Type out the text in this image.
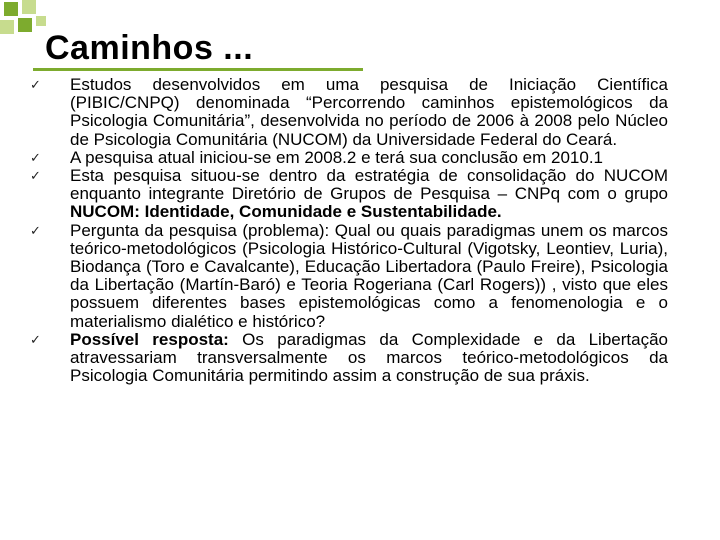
Caminhos ...
✓ Estudos desenvolvidos em uma pesquisa de Iniciação Científica (PIBIC/CNPQ) denominada “Percorrendo caminhos epistemológicos da Psicologia Comunitária”, desenvolvida no período de 2006 à 2008 pelo Núcleo de Psicologia Comunitária (NUCOM) da Universidade Federal do Ceará.
✓ A pesquisa atual iniciou-se em 2008.2 e terá sua conclusão em 2010.1
✓ Esta pesquisa situou-se dentro da estratégia de consolidação do NUCOM enquanto integrante Diretório de Grupos de Pesquisa – CNPq com o grupo NUCOM: Identidade, Comunidade e Sustentabilidade.
✓ Pergunta da pesquisa (problema): Qual ou quais paradigmas unem os marcos teórico-metodológicos (Psicologia Histórico-Cultural (Vigotsky, Leontiev, Luria), Biodança (Toro e Cavalcante), Educação Libertadora (Paulo Freire), Psicologia da Libertação (Martín-Baró) e Teoria Rogeriana (Carl Rogers)) , visto que eles possuem diferentes bases epistemológicas como a fenomenologia e o materialismo dialético e histórico?
✓ Possível resposta: Os paradigmas da Complexidade e da Libertação atravessariam transversalmente os marcos teórico-metodológicos da Psicologia Comunitária permitindo assim a construção de sua práxis.
